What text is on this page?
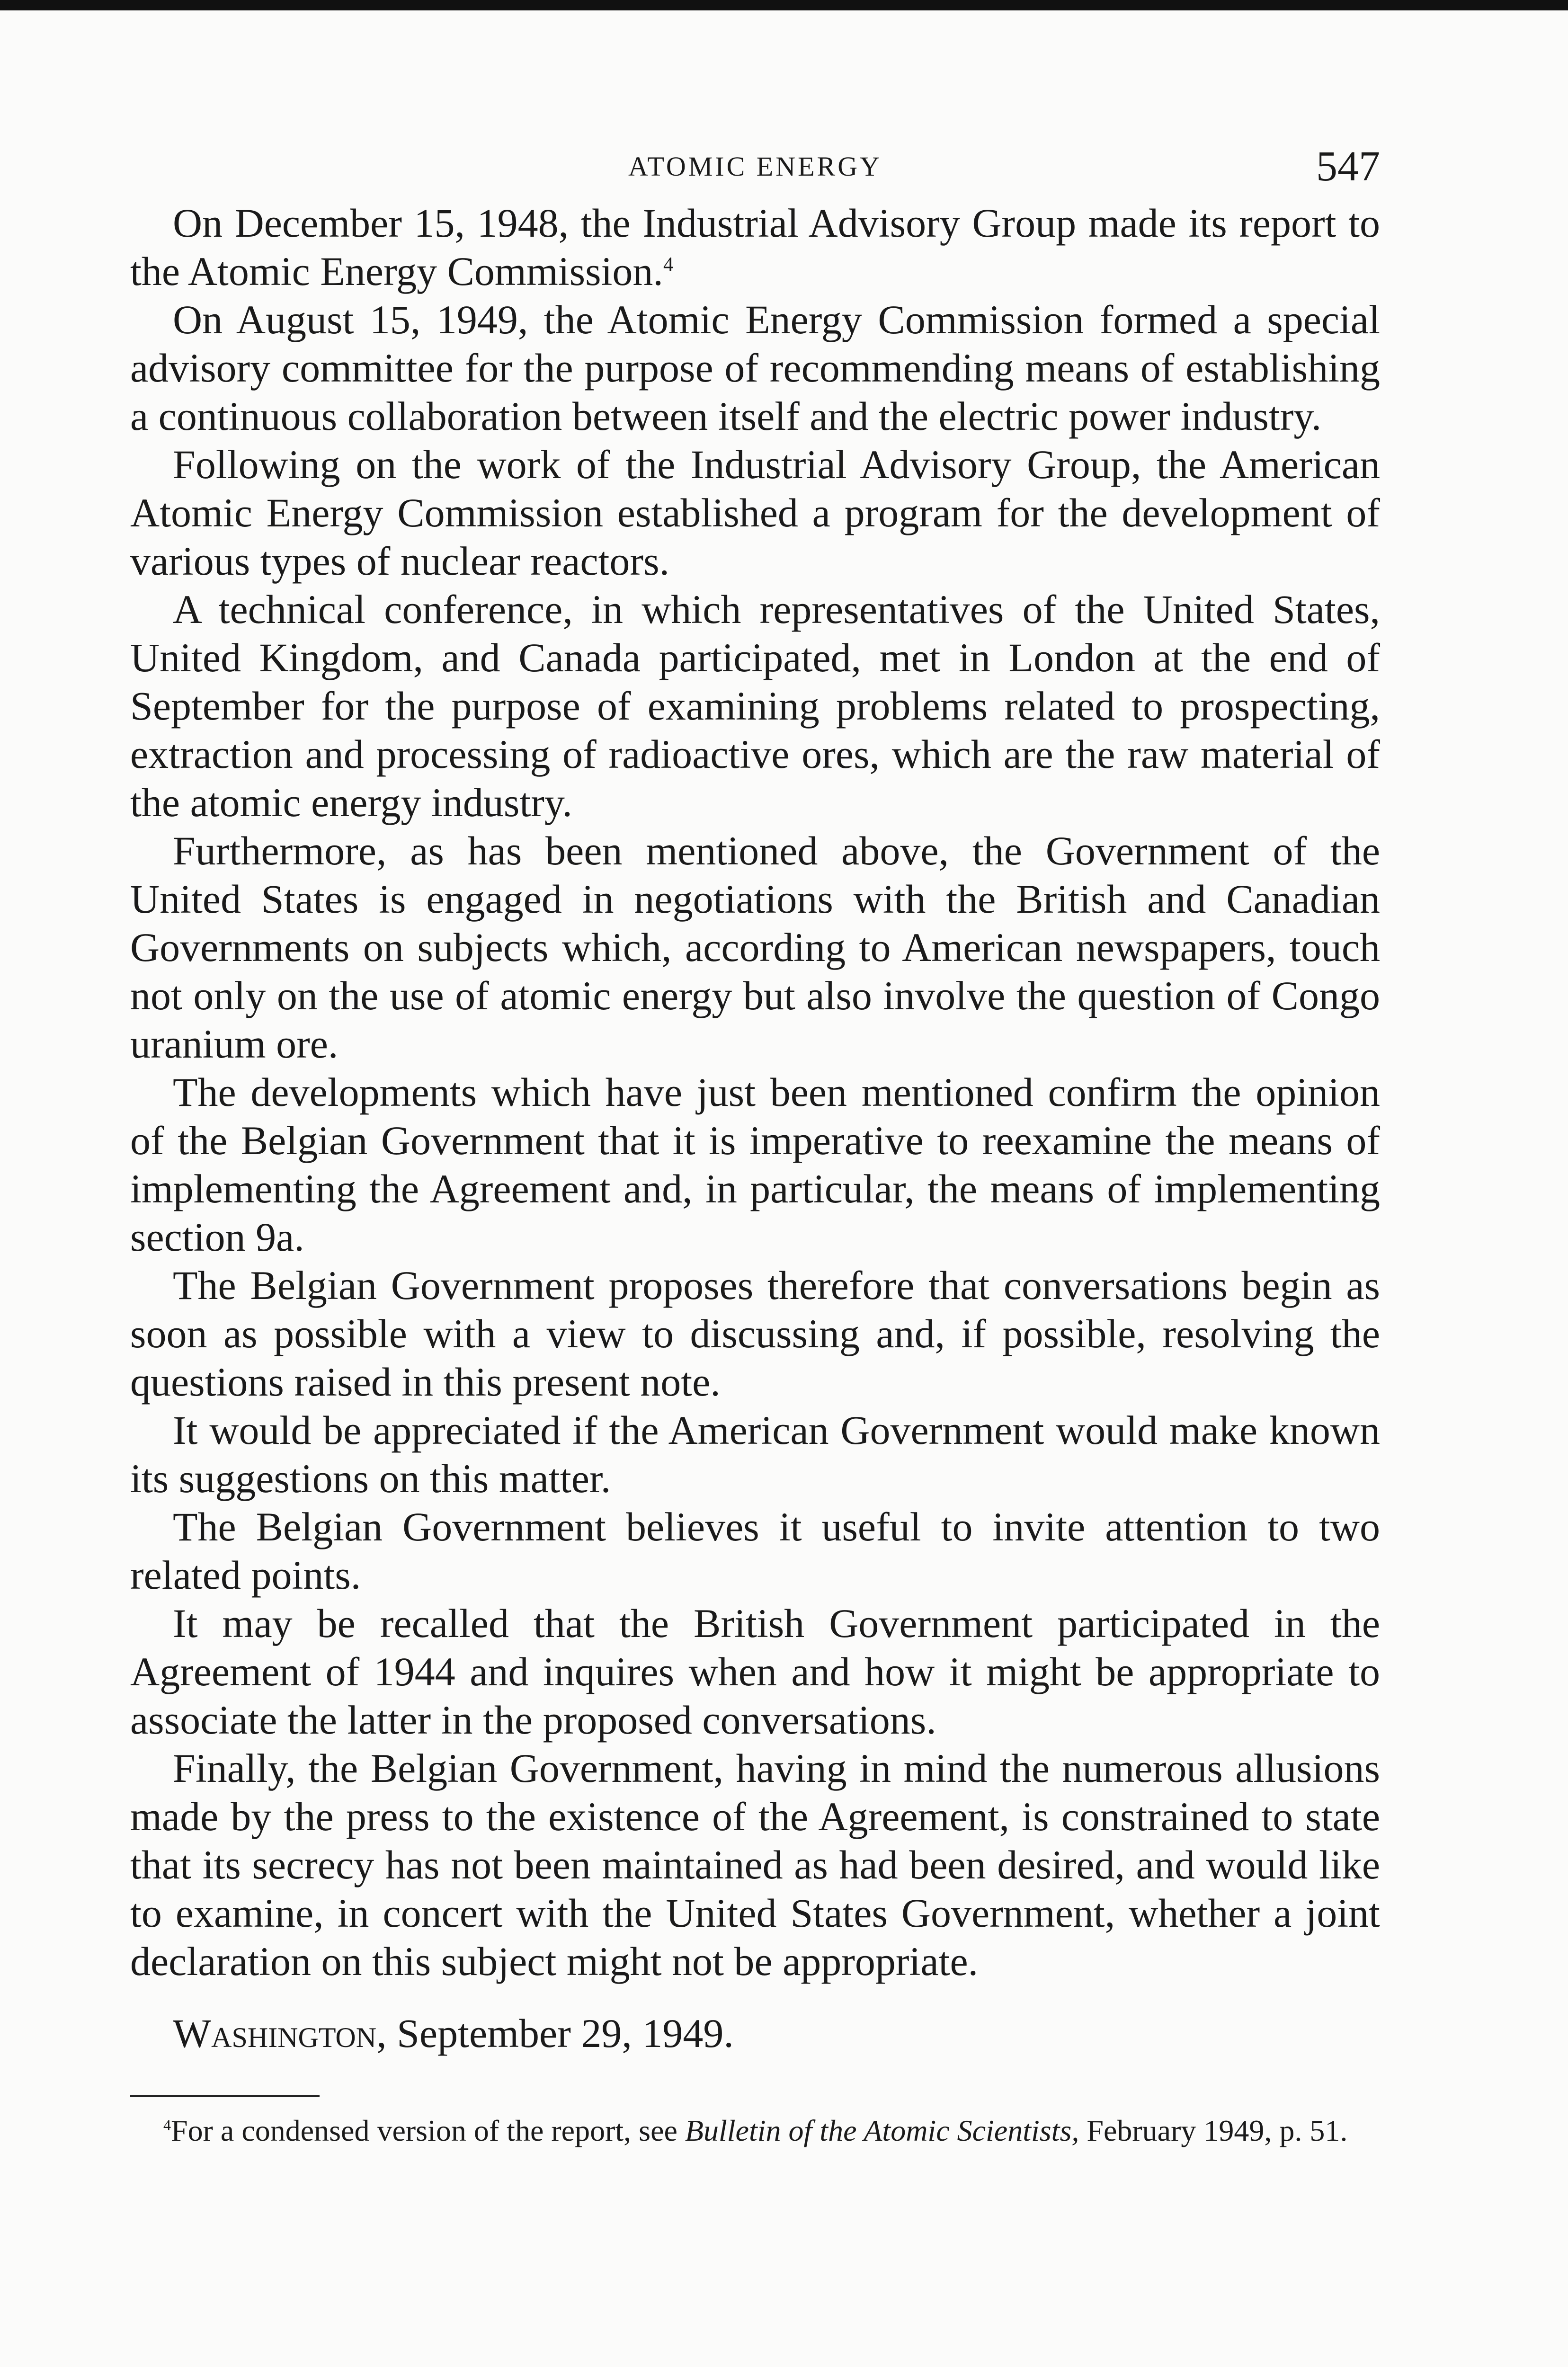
ATOMIC ENERGY	547

On December 15, 1948, the Industrial Advisory Group made its report to the Atomic Energy Commission.$^4$

On August 15, 1949, the Atomic Energy Commission formed a special advisory committee for the purpose of recommending means of establishing a continuous collaboration between itself and the electric power industry.

Following on the work of the Industrial Advisory Group, the American Atomic Energy Commission established a program for the development of various types of nuclear reactors.

A technical conference, in which representatives of the United States, United Kingdom, and Canada participated, met in London at the end of September for the purpose of examining problems related to prospecting, extraction and processing of radioactive ores, which are the raw material of the atomic energy industry.

Furthermore, as has been mentioned above, the Government of the United States is engaged in negotiations with the British and Canadian Governments on subjects which, according to American newspapers, touch not only on the use of atomic energy but also involve the question of Congo uranium ore.

The developments which have just been mentioned confirm the opinion of the Belgian Government that it is imperative to reexamine the means of implementing the Agreement and, in particular, the means of implementing section 9a.

The Belgian Government proposes therefore that conversations begin as soon as possible with a view to discussing and, if possible, resolving the questions raised in this present note.

It would be appreciated if the American Government would make known its suggestions on this matter.

The Belgian Government believes it useful to invite attention to two related points.

It may be recalled that the British Government participated in the Agreement of 1944 and inquires when and how it might be appropriate to associate the latter in the proposed conversations.

Finally, the Belgian Government, having in mind the numerous allusions made by the press to the existence of the Agreement, is constrained to state that its secrecy has not been maintained as had been desired, and would like to examine, in concert with the United States Government, whether a joint declaration on this subject might not be appropriate.

Washington, September 29, 1949.
$^4$For a condensed version of the report, see Bulletin of the Atomic Scientists, February 1949, p. 51.
